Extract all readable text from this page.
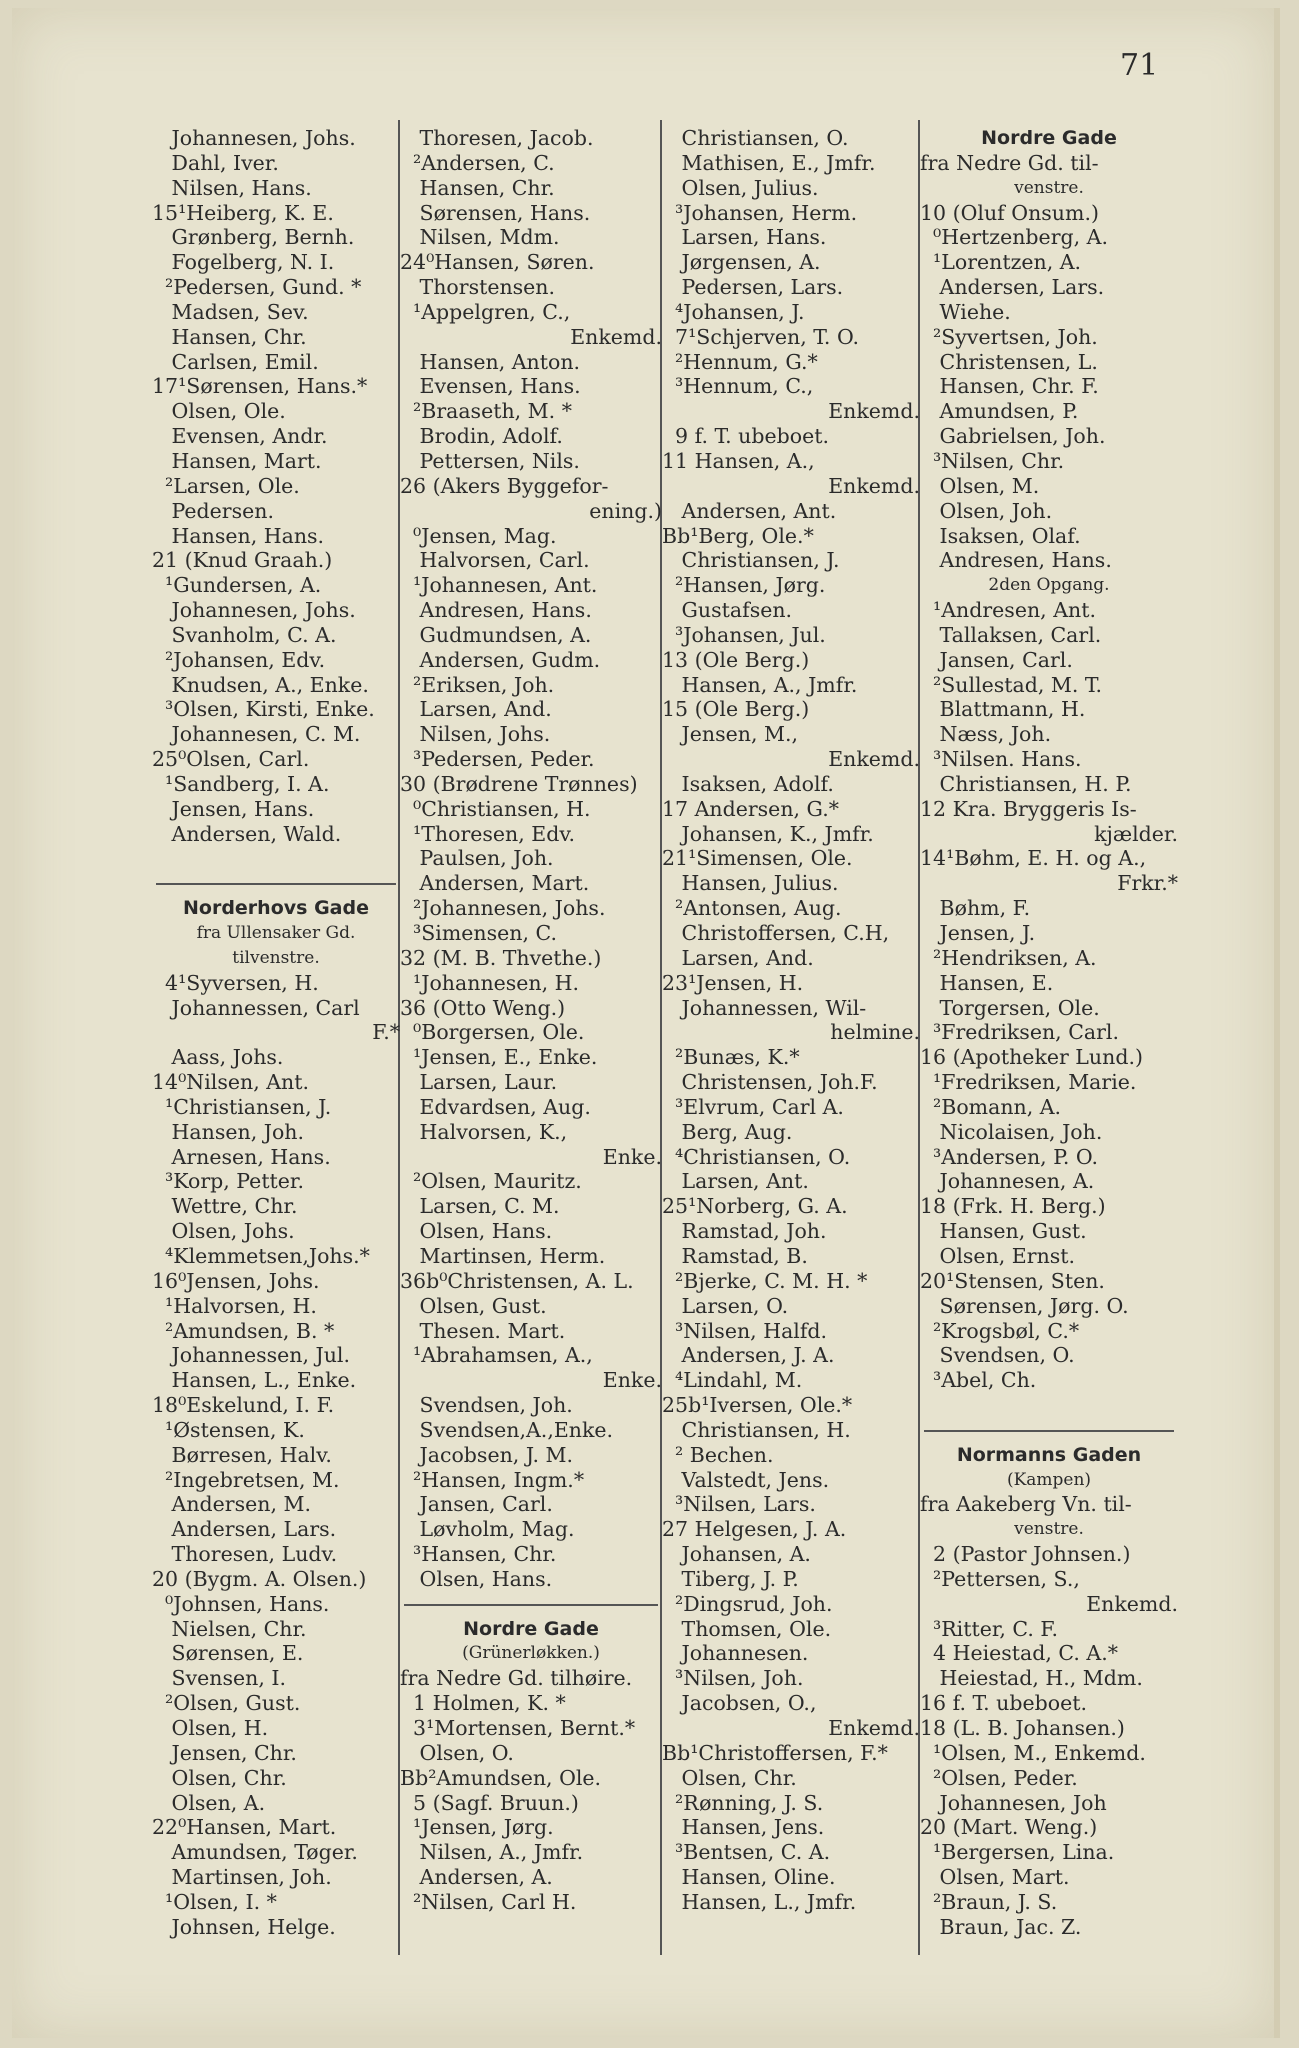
71
Johannesen, Johs.
Dahl, Iver.
Nilsen, Hans.
15¹Heiberg, K. E.
Grønberg, Bernh.
Fogelberg, N. I.
²Pedersen, Gund. *
Madsen, Sev.
Hansen, Chr.
Carlsen, Emil.
17¹Sørensen, Hans.*
Olsen, Ole.
Evensen, Andr.
Hansen, Mart.
²Larsen, Ole.
Pedersen.
Hansen, Hans.
21 (Knud Graah.)
¹Gundersen, A.
Johannesen, Johs.
Svanholm, C. A.
²Johansen, Edv.
Knudsen, A., Enke.
³Olsen, Kirsti, Enke.
Johannesen, C. M.
25⁰Olsen, Carl.
¹Sandberg, I. A.
Jensen, Hans.
Andersen, Wald.
Norderhovs Gade
fra Ullensaker Gd.
tilvenstre.
4¹Syversen, H.
Johannessen, Carl
F.*
Aass, Johs.
14⁰Nilsen, Ant.
¹Christiansen, J.
Hansen, Joh.
Arnesen, Hans.
³Korp, Petter.
Wettre, Chr.
Olsen, Johs.
⁴Klemmetsen,Johs.*
16⁰Jensen, Johs.
¹Halvorsen, H.
²Amundsen, B. *
Johannessen, Jul.
Hansen, L., Enke.
18⁰Eskelund, I. F.
¹Østensen, K.
Børresen, Halv.
²Ingebretsen, M.
Andersen, M.
Andersen, Lars.
Thoresen, Ludv.
20 (Bygm. A. Olsen.)
⁰Johnsen, Hans.
Nielsen, Chr.
Sørensen, E.
Svensen, I.
²Olsen, Gust.
Olsen, H.
Jensen, Chr.
Olsen, Chr.
Olsen, A.
22⁰Hansen, Mart.
Amundsen, Tøger.
Martinsen, Joh.
¹Olsen, I. *
Johnsen, Helge.
Thoresen, Jacob.
²Andersen, C.
Hansen, Chr.
Sørensen, Hans.
Nilsen, Mdm.
24⁰Hansen, Søren.
Thorstensen.
¹Appelgren, C.,
Enkemd.
Hansen, Anton.
Evensen, Hans.
²Braaseth, M. *
Brodin, Adolf.
Pettersen, Nils.
26 (Akers Byggefor-
ening.)
⁰Jensen, Mag.
Halvorsen, Carl.
¹Johannesen, Ant.
Andresen, Hans.
Gudmundsen, A.
Andersen, Gudm.
²Eriksen, Joh.
Larsen, And.
Nilsen, Johs.
³Pedersen, Peder.
30 (Brødrene Trønnes)
⁰Christiansen, H.
¹Thoresen, Edv.
Paulsen, Joh.
Andersen, Mart.
²Johannesen, Johs.
³Simensen, C.
32 (M. B. Thvethe.)
¹Johannesen, H.
36 (Otto Weng.)
⁰Borgersen, Ole.
¹Jensen, E., Enke.
Larsen, Laur.
Edvardsen, Aug.
Halvorsen, K.,
Enke.
²Olsen, Mauritz.
Larsen, C. M.
Olsen, Hans.
Martinsen, Herm.
36b⁰Christensen, A. L.
Olsen, Gust.
Thesen. Mart.
¹Abrahamsen, A.,
Enke.
Svendsen, Joh.
Svendsen,A.,Enke.
Jacobsen, J. M.
²Hansen, Ingm.*
Jansen, Carl.
Løvholm, Mag.
³Hansen, Chr.
Olsen, Hans.
Nordre Gade
(Grünerløkken.)
fra Nedre Gd. tilhøire.
1 Holmen, K. *
3¹Mortensen, Bernt.*
Olsen, O.
Bb²Amundsen, Ole.
5 (Sagf. Bruun.)
¹Jensen, Jørg.
Nilsen, A., Jmfr.
Andersen, A.
²Nilsen, Carl H.
Christiansen, O.
Mathisen, E., Jmfr.
Olsen, Julius.
³Johansen, Herm.
Larsen, Hans.
Jørgensen, A.
Pedersen, Lars.
⁴Johansen, J.
7¹Schjerven, T. O.
²Hennum, G.*
³Hennum, C.,
Enkemd.
9 f. T. ubeboet.
11 Hansen, A.,
Enkemd.
Andersen, Ant.
Bb¹Berg, Ole.*
Christiansen, J.
²Hansen, Jørg.
Gustafsen.
³Johansen, Jul.
13 (Ole Berg.)
Hansen, A., Jmfr.
15 (Ole Berg.)
Jensen, M.,
Enkemd.
Isaksen, Adolf.
17 Andersen, G.*
Johansen, K., Jmfr.
21¹Simensen, Ole.
Hansen, Julius.
²Antonsen, Aug.
Christoffersen, C.H,
Larsen, And.
23¹Jensen, H.
Johannessen, Wil-
helmine.
²Bunæs, K.*
Christensen, Joh.F.
³Elvrum, Carl A.
Berg, Aug.
⁴Christiansen, O.
Larsen, Ant.
25¹Norberg, G. A.
Ramstad, Joh.
Ramstad, B.
²Bjerke, C. M. H. *
Larsen, O.
³Nilsen, Halfd.
Andersen, J. A.
⁴Lindahl, M.
25b¹Iversen, Ole.*
Christiansen, H.
² Bechen.
Valstedt, Jens.
³Nilsen, Lars.
27 Helgesen, J. A.
Johansen, A.
Tiberg, J. P.
²Dingsrud, Joh.
Thomsen, Ole.
Johannesen.
³Nilsen, Joh.
Jacobsen, O.,
Enkemd.
Bb¹Christoffersen, F.*
Olsen, Chr.
²Rønning, J. S.
Hansen, Jens.
³Bentsen, C. A.
Hansen, Oline.
Hansen, L., Jmfr.
Nordre Gade
fra Nedre Gd. til-
venstre.
10 (Oluf Onsum.)
⁰Hertzenberg, A.
¹Lorentzen, A.
Andersen, Lars.
Wiehe.
²Syvertsen, Joh.
Christensen, L.
Hansen, Chr. F.
Amundsen, P.
Gabrielsen, Joh.
³Nilsen, Chr.
Olsen, M.
Olsen, Joh.
Isaksen, Olaf.
Andresen, Hans.
2den Opgang.
¹Andresen, Ant.
Tallaksen, Carl.
Jansen, Carl.
²Sullestad, M. T.
Blattmann, H.
Næss, Joh.
³Nilsen. Hans.
Christiansen, H. P.
12 Kra. Bryggeris Is-
kjælder.
14¹Bøhm, E. H. og A.,
Frkr.*
Bøhm, F.
Jensen, J.
²Hendriksen, A.
Hansen, E.
Torgersen, Ole.
³Fredriksen, Carl.
16 (Apotheker Lund.)
¹Fredriksen, Marie.
²Bomann, A.
Nicolaisen, Joh.
³Andersen, P. O.
Johannesen, A.
18 (Frk. H. Berg.)
Hansen, Gust.
Olsen, Ernst.
20¹Stensen, Sten.
Sørensen, Jørg. O.
²Krogsbøl, C.*
Svendsen, O.
³Abel, Ch.
Normanns Gaden
(Kampen)
fra Aakeberg Vn. til-
venstre.
2 (Pastor Johnsen.)
²Pettersen, S.,
Enkemd.
³Ritter, C. F.
4 Heiestad, C. A.*
Heiestad, H., Mdm.
16 f. T. ubeboet.
18 (L. B. Johansen.)
¹Olsen, M., Enkemd.
²Olsen, Peder.
Johannesen, Joh
20 (Mart. Weng.)
¹Bergersen, Lina.
Olsen, Mart.
²Braun, J. S.
Braun, Jac. Z.
